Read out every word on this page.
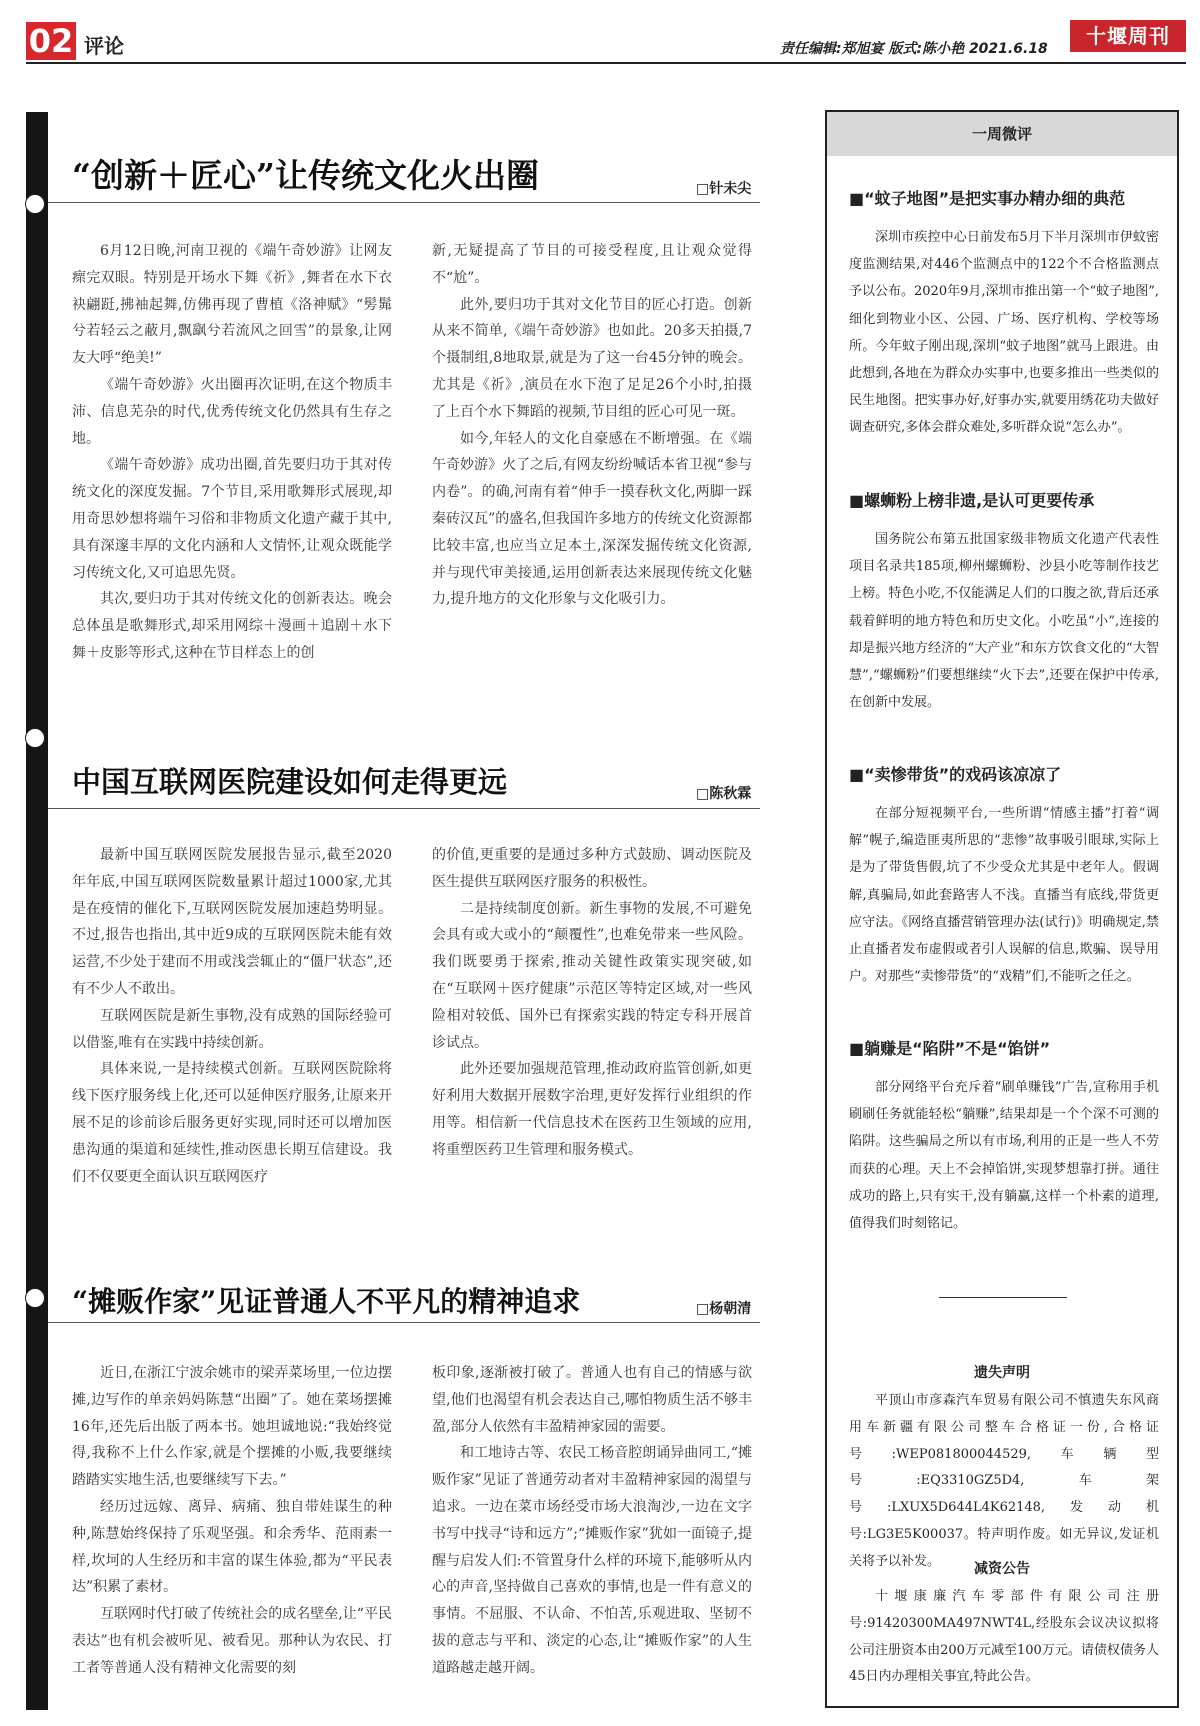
02 评论	责任编辑:郑旭宴 版式:陈小艳 2021.6.18
十堰周刊
“创新＋匠心”让传统文化火出圈	□针未尖

6月12日晚,河南卫视的《端午奇妙游》让网友瘝完双眼。特别是开场水下舞《祈》,舞者在水下衣袂翩跹,拂袖起舞,仿佛再现了曹植《洛神赋》“髣髴兮若轻云之蔽月,飘飖兮若流风之回雪”的景象,让网友大呼“绝美!”

《端午奇妙游》火出圈再次证明,在这个物质丰沛、信息芜杂的时代,优秀传统文化仍然具有生存之地。

《端午奇妙游》成功出圈,首先要归功于其对传统文化的深度发掘。7个节目,采用歌舞形式展现,却用奇思妙想将端午习俗和非物质文化遗产藏于其中,具有深邃丰厚的文化内涵和人文情怀,让观众既能学习传统文化,又可追思先贤。

其次,要归功于其对传统文化的创新表达。晚会总体虽是歌舞形式,却采用网综＋漫画＋追剧＋水下舞＋皮影等形式,这种在节目样态上的创

新,无疑提高了节目的可接受程度,且让观众觉得不“尬”。

此外,要归功于其对文化节目的匠心打造。创新从来不简单,《端午奇妙游》也如此。20多天拍摄,7个摄制组,8地取景,就是为了这一台45分钟的晚会。尤其是《祈》,演员在水下泡了足足26个小时,拍摄了上百个水下舞蹈的视频,节目组的匠心可见一斑。

如今,年轻人的文化自豪感在不断增强。在《端午奇妙游》火了之后,有网友纷纷喊话本省卫视“参与内卷”。的确,河南有着“伸手一摸春秋文化,两脚一踩秦砖汉瓦”的盛名,但我国许多地方的传统文化资源都比较丰富,也应当立足本土,深深发掘传统文化资源,并与现代审美接通,运用创新表达来展现传统文化魅力,提升地方的文化形象与文化吸引力。

中国互联网医院建设如何走得更远	□陈秋霖

最新中国互联网医院发展报告显示,截至2020年年底,中国互联网医院数量累计超过1000家,尤其是在疫情的催化下,互联网医院发展加速趋势明显。不过,报告也指出,其中近9成的互联网医院未能有效运营,不少处于建而不用或浅尝辄止的“僵尸状态”,还有不少人不敢出。

互联网医院是新生事物,没有成熟的国际经验可以借鉴,唯有在实践中持续创新。

具体来说,一是持续模式创新。互联网医院除将线下医疗服务线上化,还可以延伸医疗服务,让原来开展不足的诊前诊后服务更好实现,同时还可以增加医患沟通的渠道和延续性,推动医患长期互信建设。我们不仅要更全面认识互联网医疗

的价值,更重要的是通过多种方式鼓励、调动医院及医生提供互联网医疗服务的积极性。

二是持续制度创新。新生事物的发展,不可避免会具有或大或小的“颠覆性”,也难免带来一些风险。我们既要勇于探索,推动关键性政策实现突破,如在“互联网＋医疗健康”示范区等特定区域,对一些风险相对较低、国外已有探索实践的特定专科开展首诊试点。

此外还要加强规范管理,推动政府监管创新,如更好利用大数据开展数字治理,更好发挥行业组织的作用等。相信新一代信息技术在医药卫生领域的应用,将重塑医药卫生管理和服务模式。

“摊贩作家”见证普通人不平凡的精神追求	□杨朝清

近日,在浙江宁波余姚市的梁弄菜场里,一位边摆摊,边写作的单亲妈妈陈慧“出圈”了。她在菜场摆摊16年,还先后出版了两本书。她坦诚地说:“我始终觉得,我称不上什么作家,就是个摆摊的小贩,我要继续踏踏实实地生活,也要继续写下去。”

经历过远嫁、离异、病痛、独自带娃谋生的种种,陈慧始终保持了乐观坚强。和余秀华、范雨素一样,坎坷的人生经历和丰富的谋生体验,都为“平民表达”积累了素材。

互联网时代打破了传统社会的成名壁垒,让“平民表达”也有机会被听见、被看见。那种认为农民、打工者等普通人没有精神文化需要的刻

板印象,逐渐被打破了。普通人也有自己的情感与欲望,他们也渴望有机会表达自己,哪怕物质生活不够丰盈,部分人依然有丰盈精神家园的需要。

和工地诗古等、农民工杨音腔朗诵异曲同工,“摊贩作家”见证了普通劳动者对丰盈精神家园的渴望与追求。一边在菜市场经受市场大浪淘沙,一边在文字书写中找寻“诗和远方”;“摊贩作家”犹如一面镜子,提醒与启发人们:不管置身什么样的环境下,能够听从内心的声音,坚持做自己喜欢的事情,也是一件有意义的事情。不屈服、不认命、不怕苦,乐观进取、坚韧不拔的意志与平和、淡定的心态,让“摊贩作家”的人生道路越走越开阔。

一周微评
■“蚊子地图”是把实事办精办细的典范

深圳市疾控中心日前发布5月下半月深圳市伊蚊密度监测结果,对446个监测点中的122个不合格监测点予以公布。2020年9月,深圳市推出第一个“蚊子地图”,细化到物业小区、公园、广场、医疗机构、学校等场所。今年蚊子刚出现,深圳“蚊子地图”就马上跟进。由此想到,各地在为群众办实事中,也要多推出一些类似的民生地图。把实事办好,好事办实,就要用绣花功夫做好调查研究,多体会群众难处,多听群众说“怎么办”。

■螺蛳粉上榜非遗,是认可更要传承

国务院公布第五批国家级非物质文化遗产代表性项目名录共185项,柳州螺蛳粉、沙县小吃等制作技艺上榜。特色小吃,不仅能满足人们的口腹之欲,背后还承载着鲜明的地方特色和历史文化。小吃虽“小”,连接的却是振兴地方经济的“大产业”和东方饮食文化的“大智慧”,“螺蛳粉”们要想继续“火下去”,还要在保护中传承,在创新中发展。

■“卖惨带货”的戏码该凉凉了

在部分短视频平台,一些所谓“情感主播”打着“调解”幌子,编造匪夷所思的“悲惨”故事吸引眼球,实际上是为了带货售假,坑了不少受众尤其是中老年人。假调解,真骗局,如此套路害人不浅。直播当有底线,带货更应守法。《网络直播营销管理办法(试行)》明确规定,禁止直播者发布虚假或者引人误解的信息,欺骗、误导用户。对那些“卖惨带货”的“戏精”们,不能听之任之。

■躺赚是“陷阱”不是“馅饼”

部分网络平台充斥着“刷单赚钱”广告,宣称用手机刷刷任务就能轻松“躺赚”,结果却是一个个深不可测的陷阱。这些骗局之所以有市场,利用的正是一些人不劳而获的心理。天上不会掉馅饼,实现梦想靠打拼。通往成功的路上,只有实干,没有躺赢,这样一个朴素的道理,值得我们时刻铭记。

遗失声明

平顶山市彦森汽车贸易有限公司不慎遗失东风商用车新疆有限公司整车合格证一份,合格证号:WEP081800044529,车辆型号:EQ3310GZ5D4,车架号:LXUX5D644L4K62148,发动机号:LG3E5K00037。特声明作废。如无异议,发证机关将予以补发。	减资公告

十堰康廉汽车零部件有限公司注册号:91420300MA497NWT4L,经股东会议决议拟将公司注册资本由200万元减至100万元。请债权债务人45日内办理相关事宜,特此公告。
